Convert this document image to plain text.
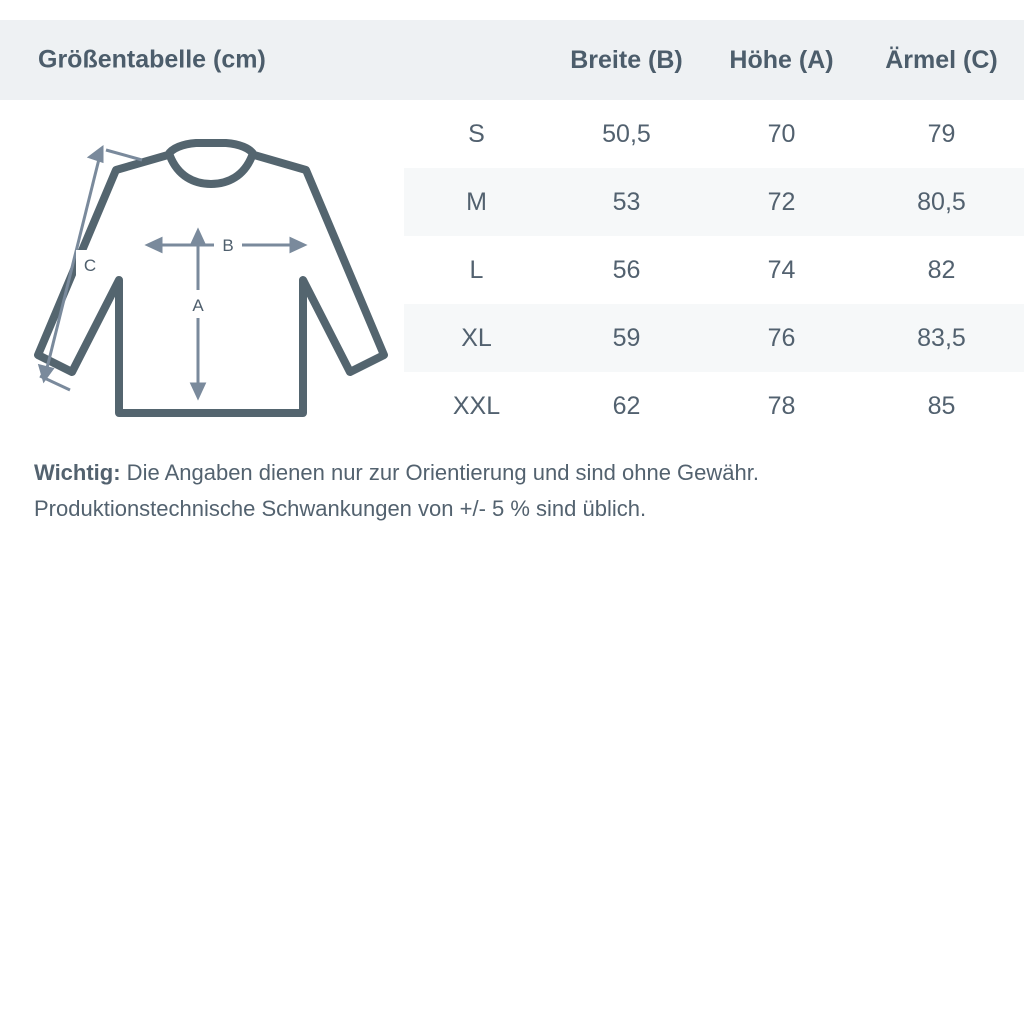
Größentabelle (cm)	Breite (B)	Höhe (A)	Ärmel (C)
S	50,5	70	79
M	53	72	80,5
L	56	74	82
XL	59	76	83,5
XXL	62	78	85
B
A
C
Wichtig: Die Angaben dienen nur zur Orientierung und sind ohne Gewähr.
Produktionstechnische Schwankungen von +/- 5 % sind üblich.
